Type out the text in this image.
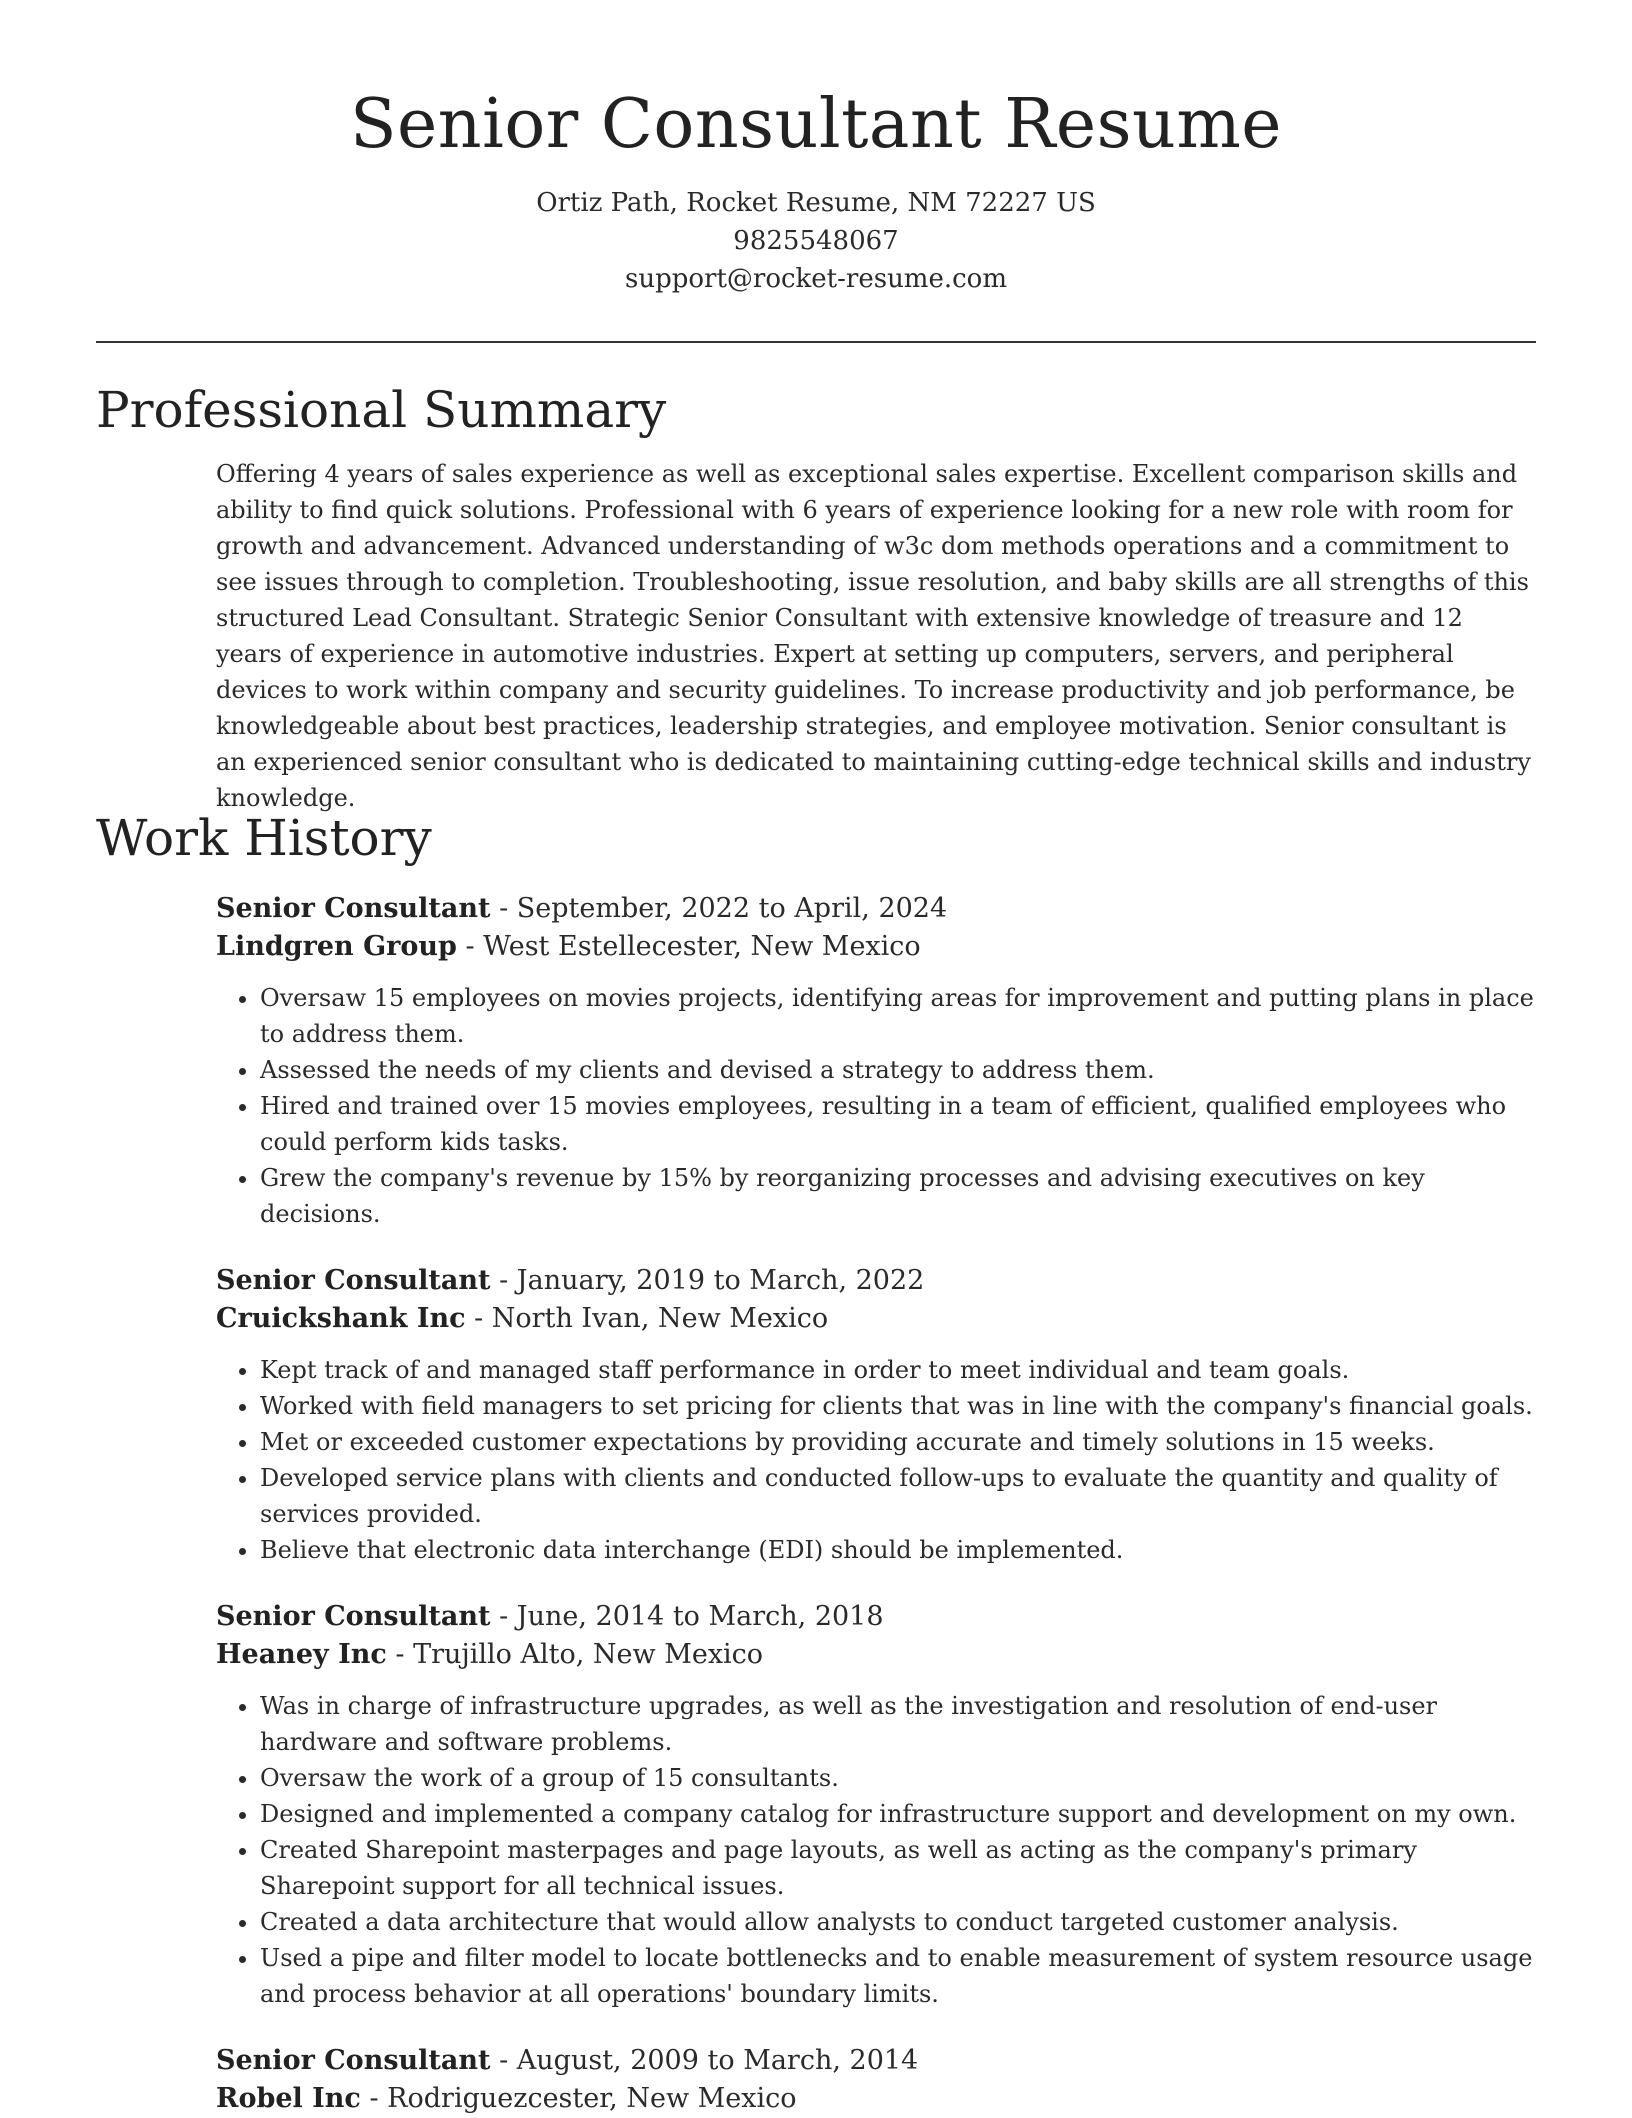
Senior Consultant Resume
Ortiz Path, Rocket Resume, NM 72227 US
9825548067
support@rocket-resume.com
Professional Summary

Offering 4 years of sales experience as well as exceptional sales expertise. Excellent comparison skills and ability to find quick solutions. Professional with 6 years of experience looking for a new role with room for growth and advancement. Advanced understanding of w3c dom methods operations and a commitment to see issues through to completion. Troubleshooting, issue resolution, and baby skills are all strengths of this structured Lead Consultant. Strategic Senior Consultant with extensive knowledge of treasure and 12 years of experience in automotive industries. Expert at setting up computers, servers, and peripheral devices to work within company and security guidelines. To increase productivity and job performance, be knowledgeable about best practices, leadership strategies, and employee motivation. Senior consultant is an experienced senior consultant who is dedicated to maintaining cutting-edge technical skills and industry knowledge.

Work History
Senior Consultant - September, 2022 to April, 2024
Lindgren Group - West Estellecester, New Mexico
• Oversaw 15 employees on movies projects, identifying areas for improvement and putting plans in place to address them.
• Assessed the needs of my clients and devised a strategy to address them.
• Hired and trained over 15 movies employees, resulting in a team of efficient, qualified employees who could perform kids tasks.
• Grew the company's revenue by 15% by reorganizing processes and advising executives on key decisions.
Senior Consultant - January, 2019 to March, 2022
Cruickshank Inc - North Ivan, New Mexico
• Kept track of and managed staff performance in order to meet individual and team goals.
• Worked with field managers to set pricing for clients that was in line with the company's financial goals.
• Met or exceeded customer expectations by providing accurate and timely solutions in 15 weeks.
• Developed service plans with clients and conducted follow-ups to evaluate the quantity and quality of services provided.
• Believe that electronic data interchange (EDI) should be implemented.
Senior Consultant - June, 2014 to March, 2018
Heaney Inc - Trujillo Alto, New Mexico
• Was in charge of infrastructure upgrades, as well as the investigation and resolution of end-user hardware and software problems.
• Oversaw the work of a group of 15 consultants.
• Designed and implemented a company catalog for infrastructure support and development on my own.
• Created Sharepoint masterpages and page layouts, as well as acting as the company's primary Sharepoint support for all technical issues.
• Created a data architecture that would allow analysts to conduct targeted customer analysis.
• Used a pipe and filter model to locate bottlenecks and to enable measurement of system resource usage and process behavior at all operations' boundary limits.
Senior Consultant - August, 2009 to March, 2014
Robel Inc - Rodriguezcester, New Mexico
